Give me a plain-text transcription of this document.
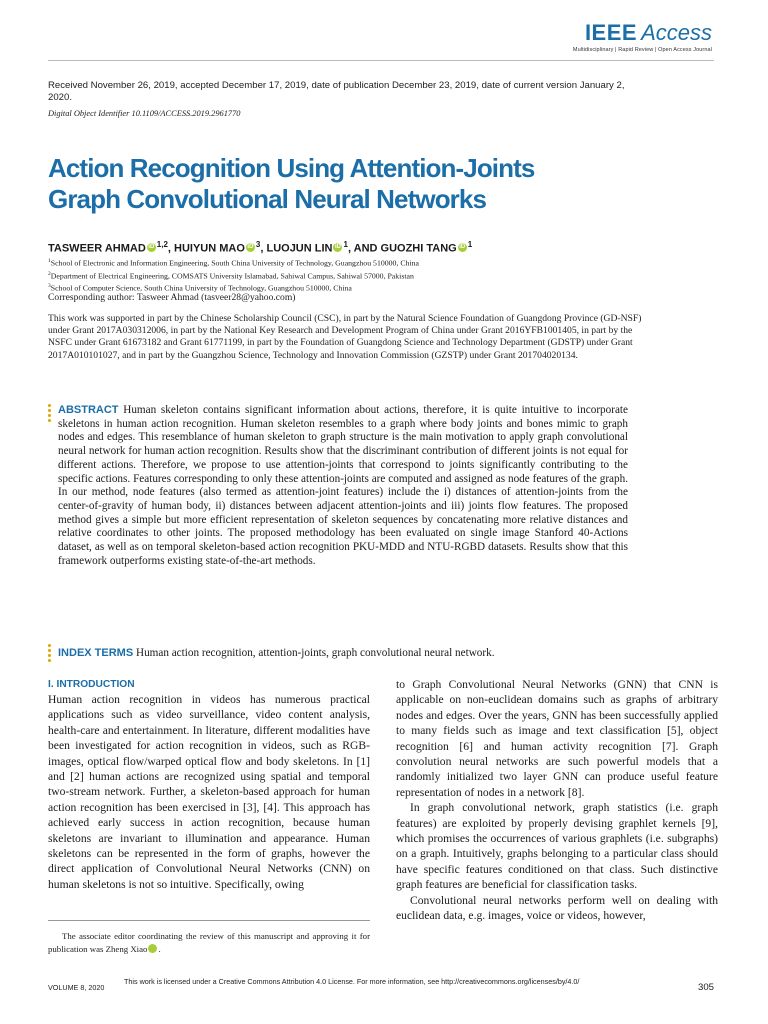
IEEE Access
Multidisciplinary | Rapid Review | Open Access Journal
Received November 26, 2019, accepted December 17, 2019, date of publication December 23, 2019, date of current version January 2, 2020.
Digital Object Identifier 10.1109/ACCESS.2019.2961770
Action Recognition Using Attention-Joints
Graph Convolutional Neural Networks
TASWEER AHMAD iD $^{1,2}$, HUIYUN MAO iD $^3$, LUOJUN LIN iD $^1$, AND GUOZHI TANG iD $^1$
$^1$School of Electronic and Information Engineering, South China University of Technology, Guangzhou 510000, China
$^2$Department of Electrical Engineering, COMSATS University Islamabad, Sahiwal Campus, Sahiwal 57000, Pakistan
$^3$School of Computer Science, South China University of Technology, Guangzhou 510000, China
Corresponding author: Tasweer Ahmad (tasveer28@yahoo.com)
This work was supported in part by the Chinese Scholarship Council (CSC), in part by the Natural Science Foundation of Guangdong Province (GD-NSF) under Grant 2017A030312006, in part by the National Key Research and Development Program of China under Grant 2016YFB1001405, in part by the NSFC under Grant 61673182 and Grant 61771199, in part by the Foundation of Guangdong Science and Technology Department (GDSTP) under Grant 2017A010101027, and in part by the Guangzhou Science, Technology and Innovation Commission (GZSTP) under Grant 201704020134.
ABSTRACT Human skeleton contains significant information about actions, therefore, it is quite intuitive to incorporate skeletons in human action recognition. Human skeleton resembles to a graph where body joints and bones mimic to graph nodes and edges. This resemblance of human skeleton to graph structure is the main motivation to apply graph convolutional neural network for human action recognition. Results show that the discriminant contribution of different joints is not equal for different actions. Therefore, we propose to use attention-joints that correspond to joints significantly contributing to the specific actions. Features corresponding to only these attention-joints are computed and assigned as node features of the graph. In our method, node features (also termed as attention-joint features) include the i) distances of attention-joints from the center-of-gravity of human body, ii) distances between adjacent attention-joints and iii) joints flow features. The proposed method gives a simple but more efficient representation of skeleton sequences by concatenating more relative distances and relative coordinates to other joints. The proposed methodology has been evaluated on single image Stanford 40-Actions dataset, as well as on temporal skeleton-based action recognition PKU-MDD and NTU-RGBD datasets. Results show that this framework outperforms existing state-of-the-art methods.
INDEX TERMS Human action recognition, attention-joints, graph convolutional neural network.
I. INTRODUCTION
Human action recognition in videos has numerous practical applications such as video surveillance, video content analysis, health-care and entertainment. In literature, different modalities have been investigated for action recognition in videos, such as RGB-images, optical flow/warped optical flow and body skeletons. In [1] and [2] human actions are recognized using spatial and temporal two-stream network. Further, a skeleton-based approach for human action recognition has been exercised in [3], [4]. This approach has achieved early success in action recognition, because human skeletons are invariant to illumination and appearance. Human skeletons can be represented in the form of graphs, however the direct application of Convolutional Neural Networks (CNN) on human skeletons is not so intuitive. Specifically, owing

to Graph Convolutional Neural Networks (GNN) that CNN is applicable on non-euclidean domains such as graphs of arbitrary nodes and edges. Over the years, GNN has been successfully applied to many fields such as image and text classification [5], object recognition [6] and human activity recognition [7]. Graph convolution neural networks are such powerful models that a randomly initialized two layer GNN can produce useful feature representation of nodes in a network [8].

In graph convolutional network, graph statistics (i.e. graph features) are exploited by properly devising graphlet kernels [9], which promises the occurrences of various graphlets (i.e. subgraphs) on a graph. Intuitively, graphs belonging to a particular class should have specific features conditioned on that class. Such distinctive graph features are beneficial for classification tasks.

Convolutional neural networks perform well on dealing with euclidean data, e.g. images, voice or videos, however,

The associate editor coordinating the review of this manuscript and approving it for publication was Zheng Xiao	iD.
VOLUME 8, 2020
This work is licensed under a Creative Commons Attribution 4.0 License. For more information, see http://creativecommons.org/licenses/by/4.0/
305
